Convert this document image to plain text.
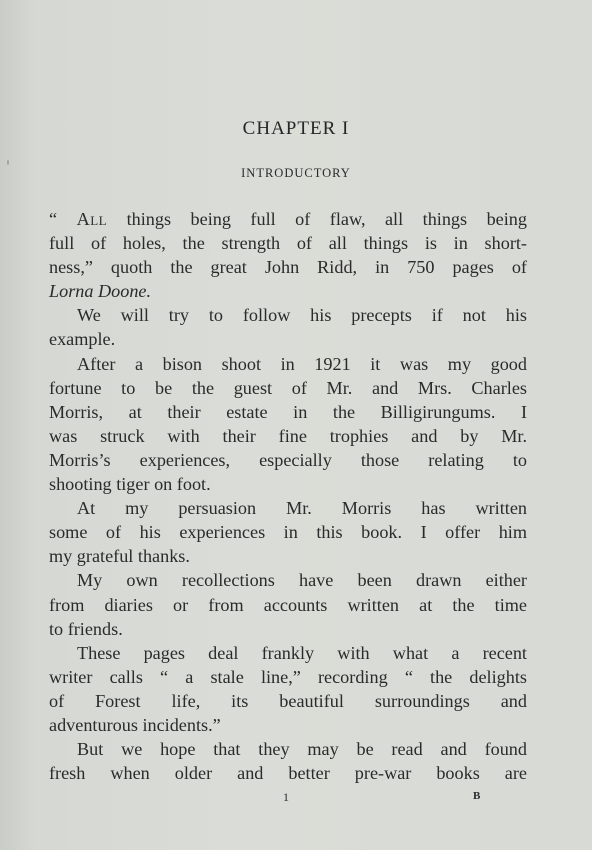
CHAPTER I
INTRODUCTORY
“ All things being full of flaw, all things being
full of holes, the strength of all things is in short-
ness,” quoth the great John Ridd, in 750 pages of
Lorna Doone.
We will try to follow his precepts if not his
example.
After a bison shoot in 1921 it was my good
fortune to be the guest of Mr. and Mrs. Charles
Morris, at their estate in the Billigirungums. I
was struck with their fine trophies and by Mr.
Morris’s experiences, especially those relating to
shooting tiger on foot.
At my persuasion Mr. Morris has written
some of his experiences in this book. I offer him
my grateful thanks.
My own recollections have been drawn either
from diaries or from accounts written at the time
to friends.
These pages deal frankly with what a recent
writer calls “ a stale line,” recording “ the delights
of Forest life, its beautiful surroundings and
adventurous incidents.”
But we hope that they may be read and found
fresh when older and better pre-war books are
1	B
